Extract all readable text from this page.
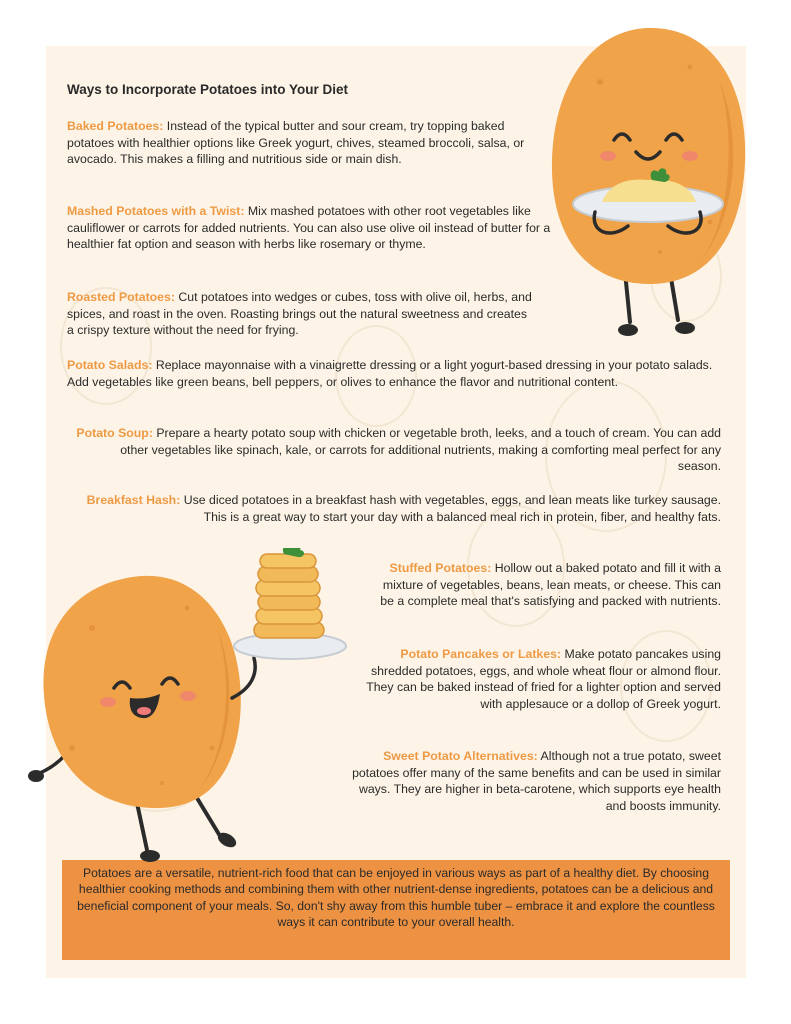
Ways to Incorporate Potatoes into Your Diet

Baked Potatoes: Instead of the typical butter and sour cream, try topping baked potatoes with healthier options like Greek yogurt, chives, steamed broccoli, salsa, or avocado. This makes a filling and nutritious side or main dish.

Mashed Potatoes with a Twist: Mix mashed potatoes with other root vegetables like cauliflower or carrots for added nutrients. You can also use olive oil instead of butter for a healthier fat option and season with herbs like rosemary or thyme.

Roasted Potatoes: Cut potatoes into wedges or cubes, toss with olive oil, herbs, and spices, and roast in the oven. Roasting brings out the natural sweetness and creates a crispy texture without the need for frying.

Potato Salads: Replace mayonnaise with a vinaigrette dressing or a light yogurt-based dressing in your potato salads. Add vegetables like green beans, bell peppers, or olives to enhance the flavor and nutritional content.

Potato Soup: Prepare a hearty potato soup with chicken or vegetable broth, leeks, and a touch of cream. You can add other vegetables like spinach, kale, or carrots for additional nutrients, making a comforting meal perfect for any season.

Breakfast Hash: Use diced potatoes in a breakfast hash with vegetables, eggs, and lean meats like turkey sausage. This is a great way to start your day with a balanced meal rich in protein, fiber, and healthy fats.

Stuffed Potatoes: Hollow out a baked potato and fill it with a mixture of vegetables, beans, lean meats, or cheese. This can be a complete meal that's satisfying and packed with nutrients.

Potato Pancakes or Latkes: Make potato pancakes using shredded potatoes, eggs, and whole wheat flour or almond flour. They can be baked instead of fried for a lighter option and served with applesauce or a dollop of Greek yogurt.

Sweet Potato Alternatives: Although not a true potato, sweet potatoes offer many of the same benefits and can be used in similar ways. They are higher in beta-carotene, which supports eye health and boosts immunity.

Potatoes are a versatile, nutrient-rich food that can be enjoyed in various ways as part of a healthy diet. By choosing healthier cooking methods and combining them with other nutrient-dense ingredients, potatoes can be a delicious and beneficial component of your meals. So, don't shy away from this humble tuber – embrace it and explore the countless ways it can contribute to your overall health.
